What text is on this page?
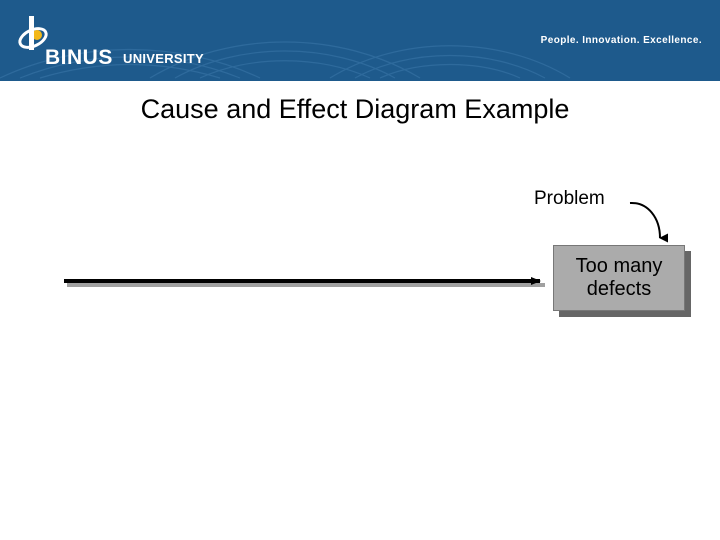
BINUS UNIVERSITY
People. Innovation. Excellence.
Cause and Effect Diagram Example
Problem
Too many defects
